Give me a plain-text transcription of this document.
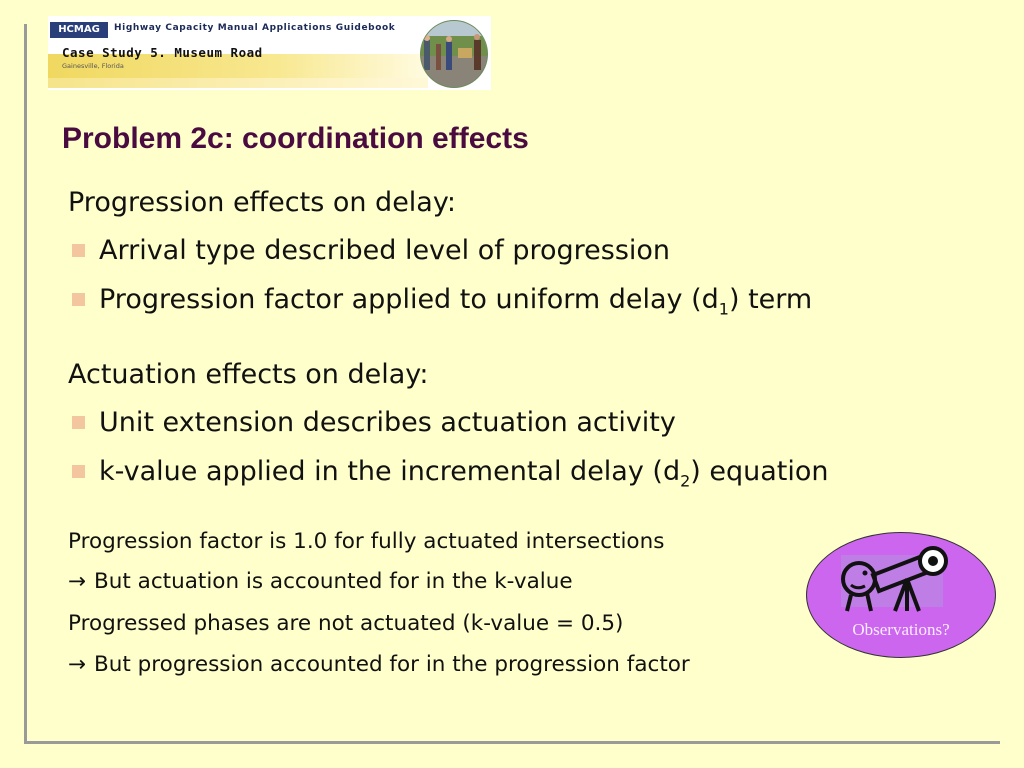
HCMAG	Highway Capacity Manual Applications Guidebook
Case Study 5. Museum Road
Gainesville, Florida
Problem 2c: coordination effects
Progression effects on delay:
Arrival type described level of progression
Progression factor applied to uniform delay $(d_1)$ term
Actuation effects on delay:
Unit extension describes actuation activity
k-value applied in the incremental delay $(d_2)$ equation
Progression factor is 1.0 for fully actuated intersections
→ But actuation is accounted for in the k-value
Progressed phases are not actuated (k-value = 0.5)
→ But progression accounted for in the progression factor
Observations?
